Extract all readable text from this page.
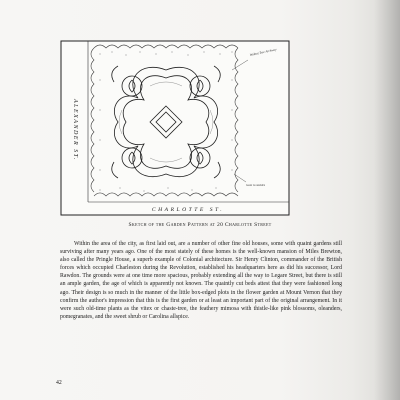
ALEXANDER ST.
CHARLOTTE ST.
Walnut Tree Archway
Gate to stables
Sketch of the Garden Pattern at 20 Charlotte Street

Within the area of the city, as first laid out, are a number of other fine old houses, some with quaint gardens still surviving after many years ago. One of the most stately of these homes is the well-known mansion of Miles Brewton, also called the Pringle House, a superb example of Colonial architecture. Sir Henry Clinton, commander of the British forces which occupied Charleston during the Revolution, established his headquarters here as did his successor, Lord Rawdon. The grounds were at one time more spacious, probably extending all the way to Legare Street, but there is still an ample garden, the age of which is apparently not known. The quaintly cut beds attest that they were fashioned long ago. Their design is so much in the manner of the little box-edged plots in the flower garden at Mount Vernon that they confirm the author's impression that this is the first garden or at least an important part of the original arrangement. In it were such old-time plants as the vitex or chaste-tree, the feathery mimosa with thistle-like pink blossoms, oleanders, pomegranates, and the sweet shrub or Carolina allspice.

42
